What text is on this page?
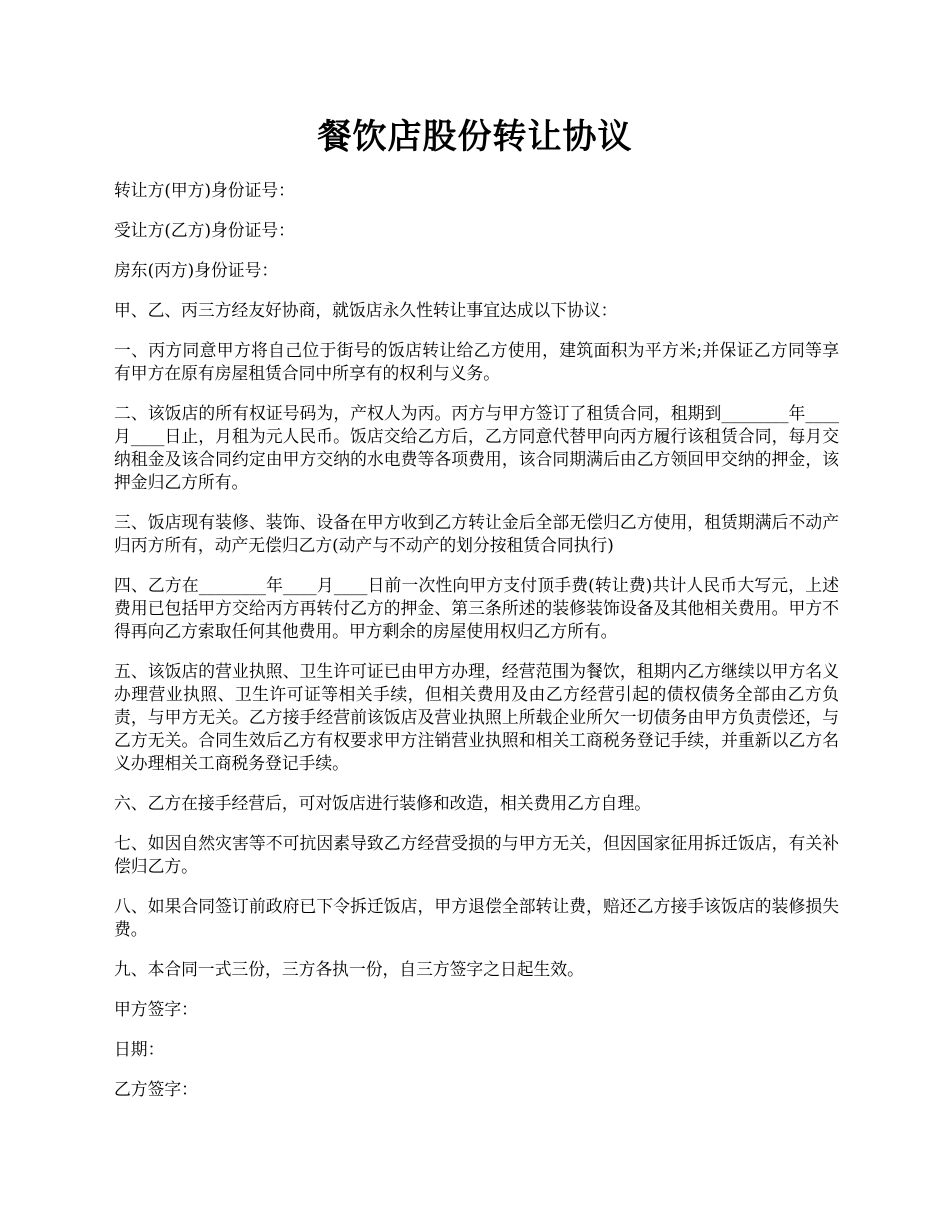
餐饮店股份转让协议

转让方(甲方)身份证号：

受让方(乙方)身份证号：

房东(丙方)身份证号：

甲、乙、丙三方经友好协商，就饭店永久性转让事宜达成以下协议：

一、丙方同意甲方将自己位于街号的饭店转让给乙方使用，建筑面积为平方米;并保证乙方同等享有甲方在原有房屋租赁合同中所享有的权利与义务。

二、该饭店的所有权证号码为，产权人为丙。丙方与甲方签订了租赁合同，租期到________年____月____日止，月租为元人民币。饭店交给乙方后，乙方同意代替甲向丙方履行该租赁合同，每月交纳租金及该合同约定由甲方交纳的水电费等各项费用，该合同期满后由乙方领回甲交纳的押金，该押金归乙方所有。

三、饭店现有装修、装饰、设备在甲方收到乙方转让金后全部无偿归乙方使用，租赁期满后不动产归丙方所有，动产无偿归乙方(动产与不动产的划分按租赁合同执行)

四、乙方在________年____月____日前一次性向甲方支付顶手费(转让费)共计人民币大写元，上述费用已包括甲方交给丙方再转付乙方的押金、第三条所述的装修装饰设备及其他相关费用。甲方不得再向乙方索取任何其他费用。甲方剩余的房屋使用权归乙方所有。

五、该饭店的营业执照、卫生许可证已由甲方办理，经营范围为餐饮，租期内乙方继续以甲方名义办理营业执照、卫生许可证等相关手续，但相关费用及由乙方经营引起的债权债务全部由乙方负责，与甲方无关。乙方接手经营前该饭店及营业执照上所载企业所欠一切债务由甲方负责偿还，与乙方无关。合同生效后乙方有权要求甲方注销营业执照和相关工商税务登记手续，并重新以乙方名义办理相关工商税务登记手续。

六、乙方在接手经营后，可对饭店进行装修和改造，相关费用乙方自理。

七、如因自然灾害等不可抗因素导致乙方经营受损的与甲方无关，但因国家征用拆迁饭店，有关补偿归乙方。

八、如果合同签订前政府已下令拆迁饭店，甲方退偿全部转让费，赔还乙方接手该饭店的装修损失费。

九、本合同一式三份，三方各执一份，自三方签字之日起生效。

甲方签字：

日期：

乙方签字：
